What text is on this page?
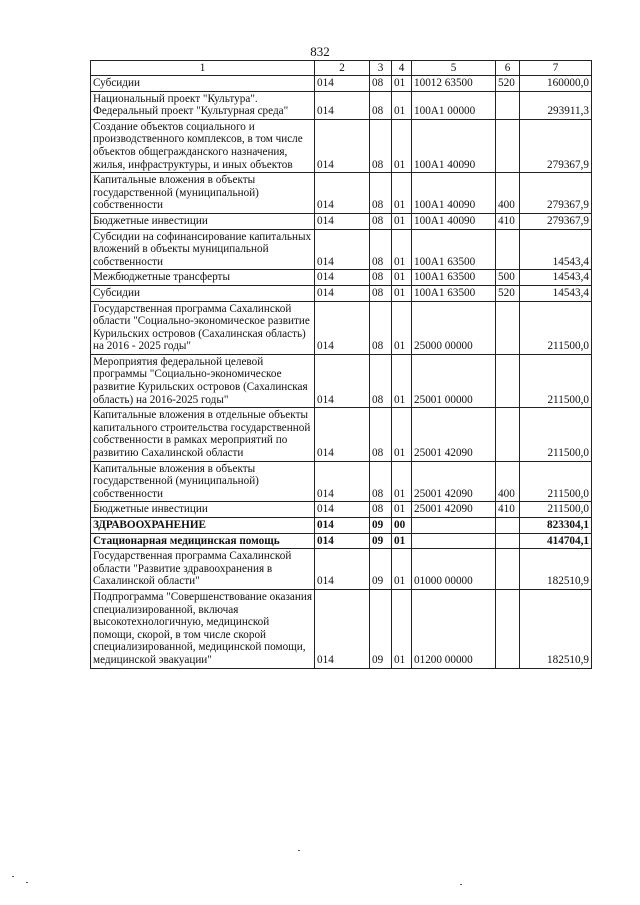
832
1	2	3	4	5	6	7
Субсидии	014	08	01	10012 63500	520	160000,0
Национальный проект "Культура". Федеральный проект "Культурная среда"	014	08	01	100А1 00000		293911,3
Создание объектов социального и производственного комплексов, в том числе объектов общегражданского назначения, жилья, инфраструктуры, и иных объектов	014	08	01	100А1 40090		279367,9
Капитальные вложения в объекты государственной (муниципальной) собственности	014	08	01	100А1 40090	400	279367,9
Бюджетные инвестиции	014	08	01	100А1 40090	410	279367,9
Субсидии на софинансирование капитальных вложений в объекты муниципальной собственности	014	08	01	100А1 63500		14543,4
Межбюджетные трансферты	014	08	01	100А1 63500	500	14543,4
Субсидии	014	08	01	100А1 63500	520	14543,4
Государственная программа Сахалинской области "Социально-экономическое развитие Курильских островов (Сахалинская область) на 2016 - 2025 годы"	014	08	01	25000 00000		211500,0
Мероприятия федеральной целевой программы "Социально-экономическое развитие Курильских островов (Сахалинская область) на 2016-2025 годы"	014	08	01	25001 00000		211500,0
Капитальные вложения в отдельные объекты капитального строительства государственной собственности в рамках мероприятий по развитию Сахалинской области	014	08	01	25001 42090		211500,0
Капитальные вложения в объекты государственной (муниципальной) собственности	014	08	01	25001 42090	400	211500,0
Бюджетные инвестиции	014	08	01	25001 42090	410	211500,0
ЗДРАВООХРАНЕНИЕ	014	09	00			823304,1
Стационарная медицинская помощь	014	09	01			414704,1
Государственная программа Сахалинской области "Развитие здравоохранения в Сахалинской области"	014	09	01	01000 00000		182510,9
Подпрограмма "Совершенствование оказания специализированной, включая высокотехнологичную, медицинской помощи, скорой, в том числе скорой специализированной, медицинской помощи, медицинской эвакуации"	014	09	01	01200 00000		182510,9
